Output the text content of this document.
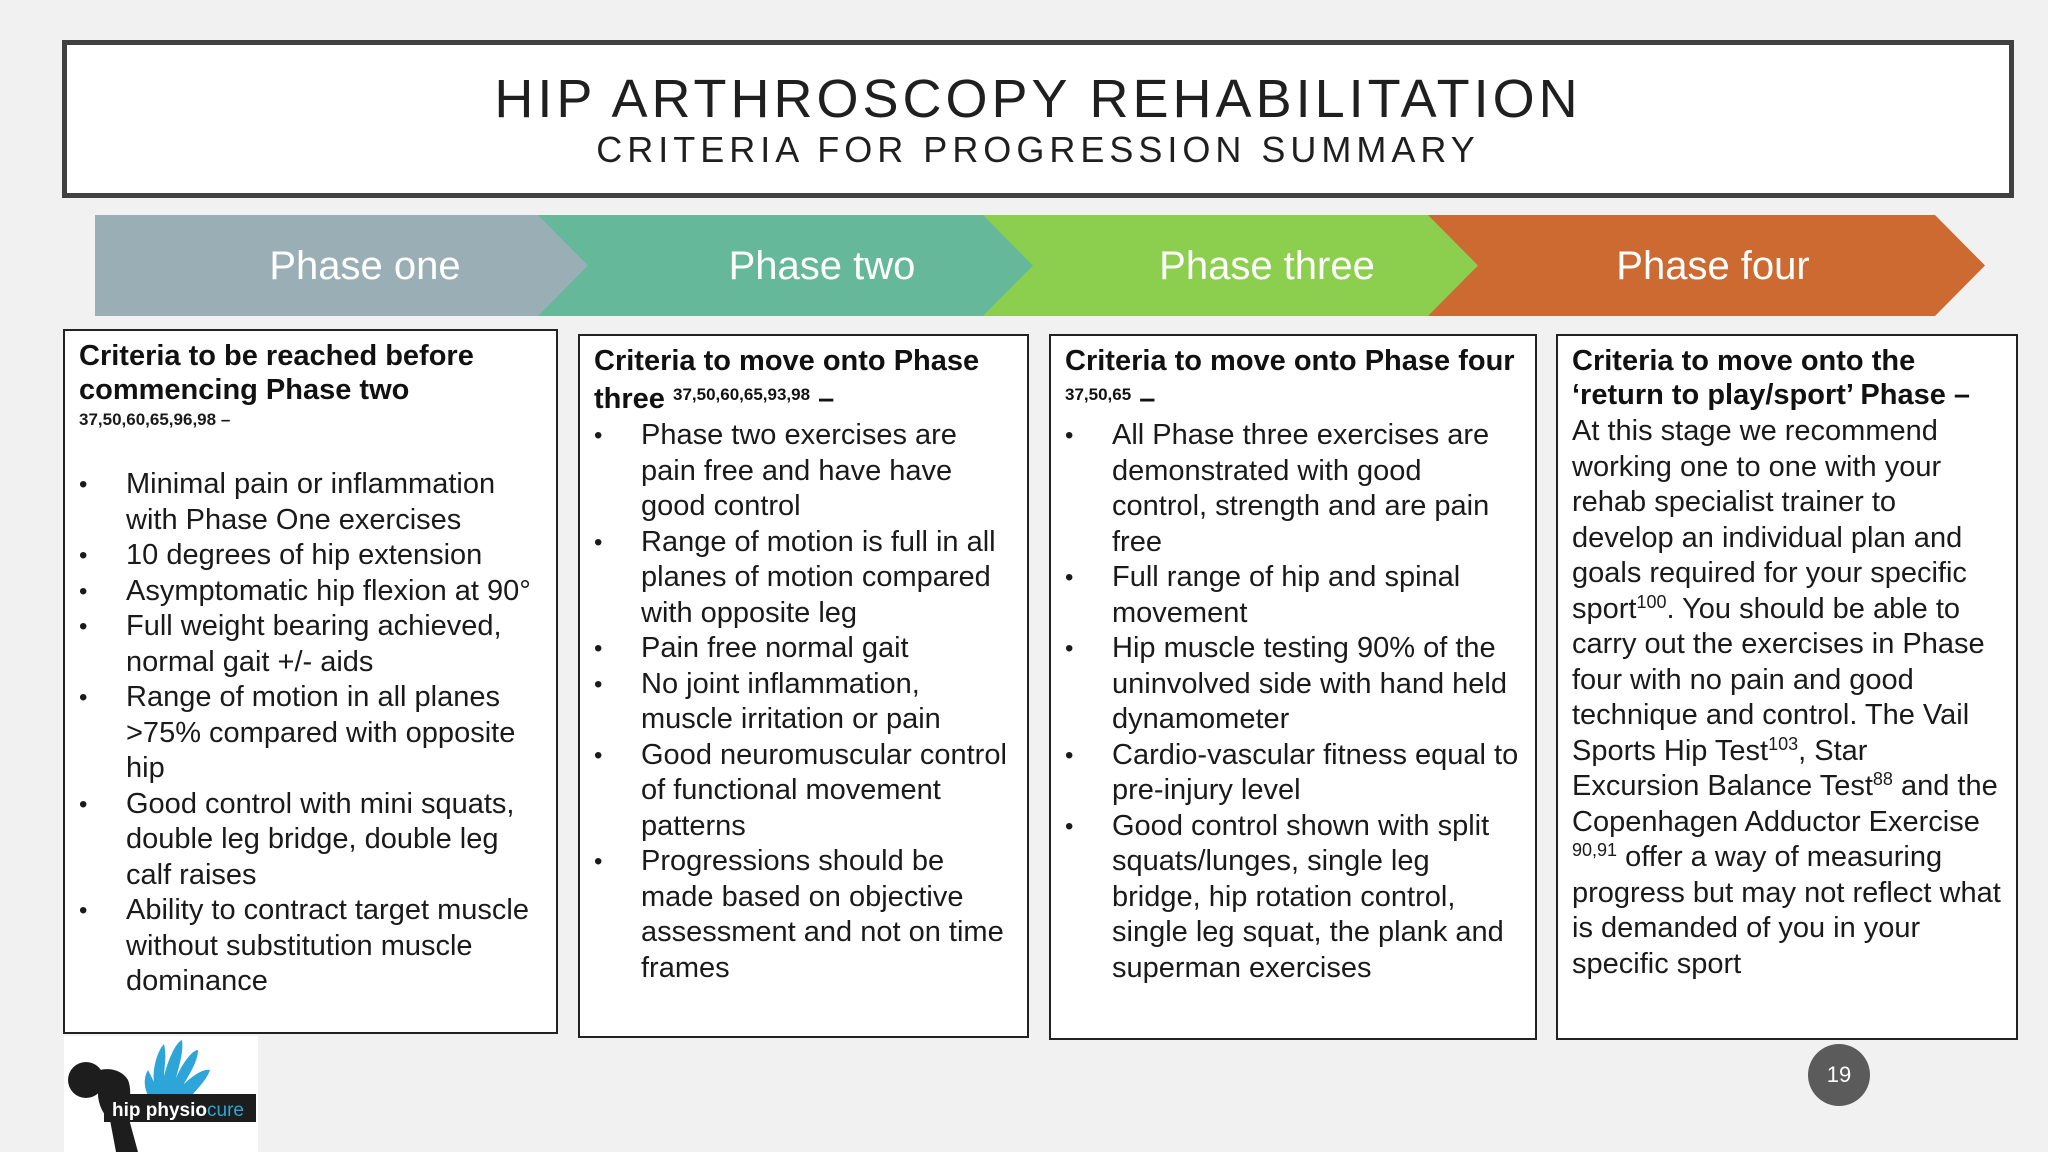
HIP ARTHROSCOPY REHABILITATION
CRITERIA FOR PROGRESSION SUMMARY
Phase one	Phase two	Phase three	Phase four
Criteria to be reached before commencing Phase two
37,50,60,65,96,98 –
• Minimal pain or inflammation with Phase One exercises
• 10 degrees of hip extension
• Asymptomatic hip flexion at 90°
• Full weight bearing achieved, normal gait +/- aids
• Range of motion in all planes >75% compared with opposite hip
• Good control with mini squats, double leg bridge, double leg calf raises
• Ability to contract target muscle without substitution muscle dominance
Criteria to move onto Phase three $^{37,50,60,65,93,98}$ –
• Phase two exercises are pain free and have have good control
• Range of motion is full in all planes of motion compared with opposite leg
• Pain free normal gait
• No joint inflammation, muscle irritation or pain
• Good neuromuscular control of functional movement patterns
• Progressions should be made based on objective assessment and not on time frames
Criteria to move onto Phase four $^{37,50,65}$ –
• All Phase three exercises are demonstrated with good control, strength and are pain free
• Full range of hip and spinal movement
• Hip muscle testing 90% of the uninvolved side with hand held dynamometer
• Cardio-vascular fitness equal to pre-injury level
• Good control shown with split squats/lunges, single leg bridge, hip rotation control, single leg squat, the plank and superman exercises
Criteria to move onto the ‘return to play/sport’ Phase –
At this stage we recommend working one to one with your rehab specialist trainer to develop an individual plan and goals required for your specific sport$^{100}$. You should be able to carry out the exercises in Phase four with no pain and good technique and control. The Vail Sports Hip Test$^{103}$, Star Excursion Balance Test$^{88}$ and the Copenhagen Adductor Exercise $^{90,91}$ offer a way of measuring progress but may not reflect what is demanded of you in your specific sport
hip physiocure
19
